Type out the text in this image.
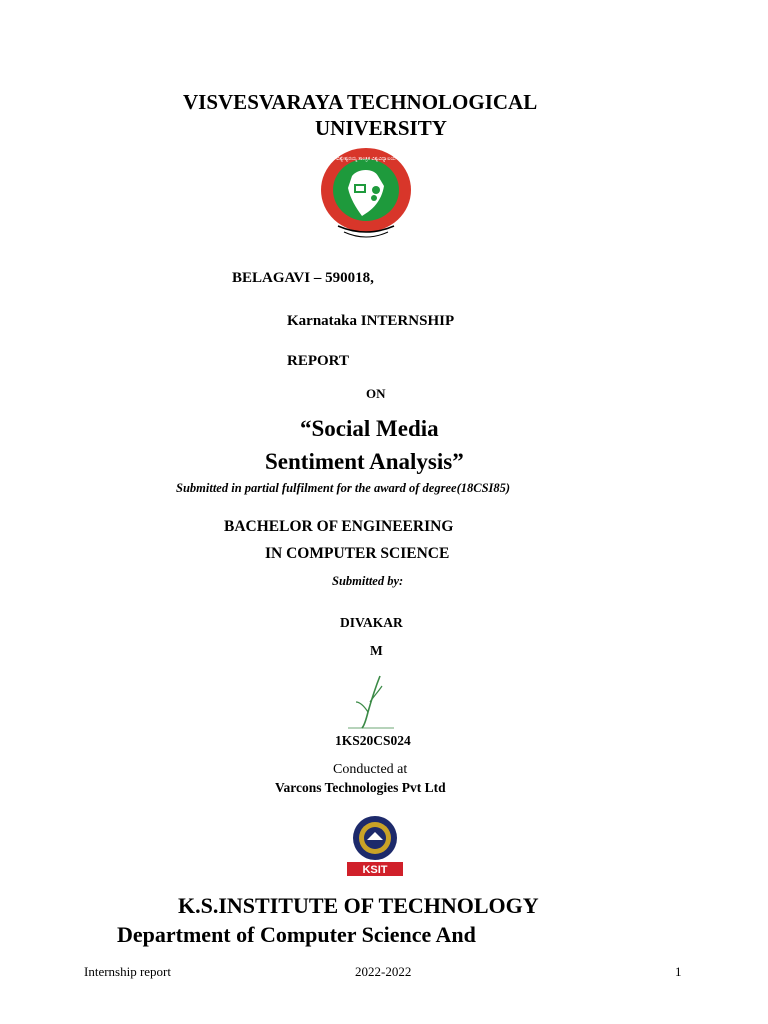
VISVESVARAYA TECHNOLOGICAL
UNIVERSITY
ವಿಶ್ವೇಶ್ವರಯ್ಯ ತಾಂತ್ರಿಕ ವಿಶ್ವವಿದ್ಯಾಲಯ
BELAGAVI – 590018,
Karnataka INTERNSHIP
REPORT
ON
“Social Media
Sentiment Analysis”
Submitted in partial fulfilment for the award of degree(18CSI85)
BACHELOR OF ENGINEERING
IN COMPUTER SCIENCE
Submitted by:
DIVAKAR
M
1KS20CS024
Conducted at
Varcons Technologies Pvt Ltd
KSIT
K.S.INSTITUTE OF TECHNOLOGY
Department of Computer Science And
Internship report	2022-2022	1
